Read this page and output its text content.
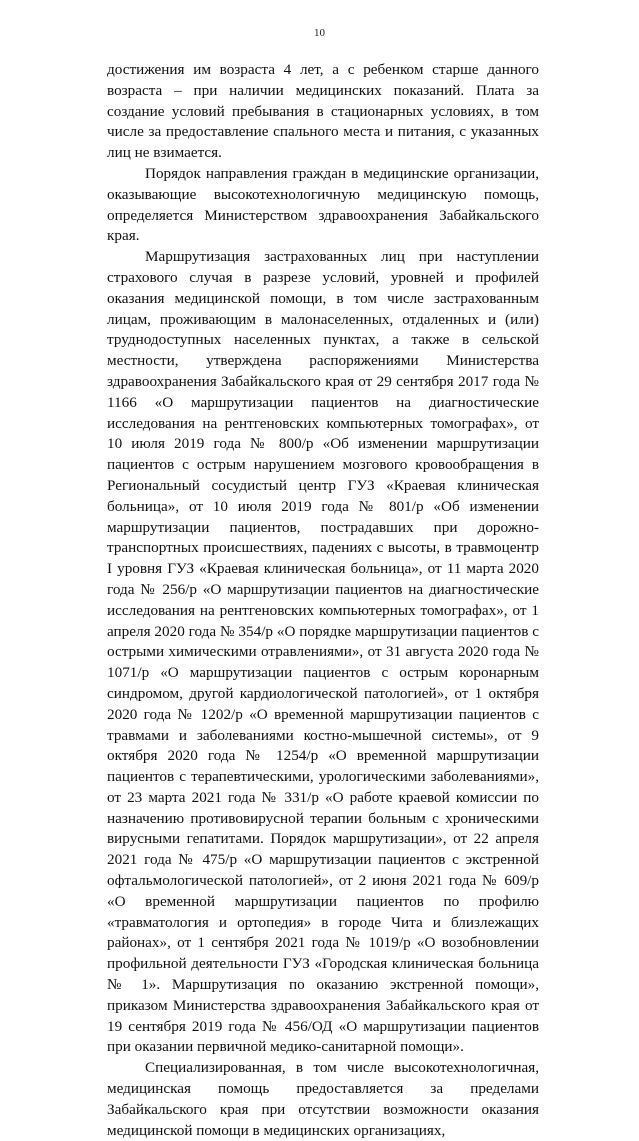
10

достижения им возраста 4 лет, а с ребенком старше данного возраста – при наличии медицинских показаний. Плата за создание условий пребывания в стационарных условиях, в том числе за предоставление спального места и питания, с указанных лиц не взимается.

Порядок направления граждан в медицинские организации, оказывающие высокотехнологичную медицинскую помощь, определяется Министерством здравоохранения Забайкальского края.

Маршрутизация застрахованных лиц при наступлении страхового случая в разрезе условий, уровней и профилей оказания медицинской помощи, в том числе застрахованным лицам, проживающим в малонаселенных, отдаленных и (или) труднодоступных населенных пунктах, а также в сельской местности, утверждена распоряжениями Министерства здравоохранения Забайкальского края от 29 сентября 2017 года № 1166 «О маршрутизации пациентов на диагностические исследования на рентгеновских компьютерных томографах», от 10 июля 2019 года № 800/р «Об изменении маршрутизации пациентов с острым нарушением мозгового кровообращения в Региональный сосудистый центр ГУЗ «Краевая клиническая больница», от 10 июля 2019 года № 801/р «Об изменении маршрутизации пациентов, пострадавших при дорожно-транспортных происшествиях, падениях с высоты, в травмоцентр I уровня ГУЗ «Краевая клиническая больница», от 11 марта 2020 года № 256/р «О маршрутизации пациентов на диагностические исследования на рентгеновских компьютерных томографах», от 1 апреля 2020 года № 354/р «О порядке маршрутизации пациентов с острыми химическими отравлениями», от 31 августа 2020 года № 1071/р «О маршрутизации пациентов с острым коронарным синдромом, другой кардиологической патологией», от 1 октября 2020 года № 1202/р «О временной маршрутизации пациентов с травмами и заболеваниями костно-мышечной системы», от 9 октября 2020 года № 1254/р «О временной маршрутизации пациентов с терапевтическими, урологическими заболеваниями», от 23 марта 2021 года № 331/р «О работе краевой комиссии по назначению противовирусной терапии больным с хроническими вирусными гепатитами. Порядок маршрутизации», от 22 апреля 2021 года № 475/р «О маршрутизации пациентов с экстренной офтальмологической патологией», от 2 июня 2021 года № 609/р «О временной маршрутизации пациентов по профилю «травматология и ортопедия» в городе Чита и близлежащих районах», от 1 сентября 2021 года № 1019/р «О возобновлении профильной деятельности ГУЗ «Городская клиническая больница № 1». Маршрутизация по оказанию экстренной помощи», приказом Министерства здравоохранения Забайкальского края от 19 сентября 2019 года № 456/ОД «О маршрутизации пациентов при оказании первичной медико-санитарной помощи».

Специализированная, в том числе высокотехнологичная, медицинская помощь предоставляется за пределами Забайкальского края при отсутствии возможности оказания медицинской помощи в медицинских организациях,
